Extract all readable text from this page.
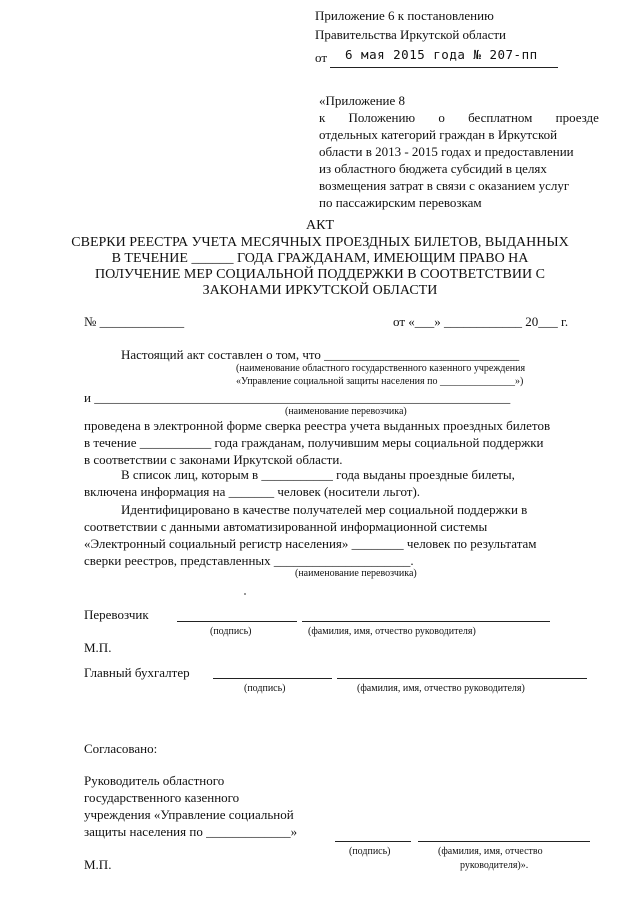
Приложение 6 к постановлению
Правительства Иркутской области
от 6 мая 2015 года № 207-пп
«Приложение 8
к Положению о бесплатном проезде
отдельных категорий граждан в Иркутской
области в 2013 - 2015 годах и предоставлении
из областного бюджета субсидий в целях
возмещения затрат в связи с оказанием услуг
по пассажирским перевозкам
АКТ
СВЕРКИ РЕЕСТРА УЧЕТА МЕСЯЧНЫХ ПРОЕЗДНЫХ БИЛЕТОВ, ВЫДАННЫХ
В ТЕЧЕНИЕ ______ ГОДА ГРАЖДАНАМ, ИМЕЮЩИМ ПРАВО НА
ПОЛУЧЕНИЕ МЕР СОЦИАЛЬНОЙ ПОДДЕРЖКИ В СООТВЕТСТВИИ С
ЗАКОНАМИ ИРКУТСКОЙ ОБЛАСТИ
№ _____________	от «___» ____________ 20___ г.
Настоящий акт составлен о том, что ______________________________
(наименование областного государственного казенного учреждения
«Управление социальной защиты населения по _______________»)
и ________________________________________________________________
(наименование перевозчика)
проведена в электронной форме сверка реестра учета выданных проездных билетов
в течение ___________ года гражданам, получившим меры социальной поддержки
в соответствии с законами Иркутской области.
В список лиц, которым в ___________ года выданы проездные билеты,
включена информация на _______ человек (носители льгот).
Идентифицировано в качестве получателей мер социальной поддержки в
соответствии с данными автоматизированной информационной системы
«Электронный социальный регистр населения» ________ человек по результатам
сверки реестров, представленных _____________________.
(наименование перевозчика)
Перевозчик
(подпись)	(фамилия, имя, отчество руководителя)
М.П.
Главный бухгалтер
(подпись)	(фамилия, имя, отчество руководителя)
Согласовано:
Руководитель областного
государственного казенного
учреждения «Управление социальной
защиты населения по _____________»
(подпись)	(фамилия, имя, отчество
руководителя)».
М.П.
